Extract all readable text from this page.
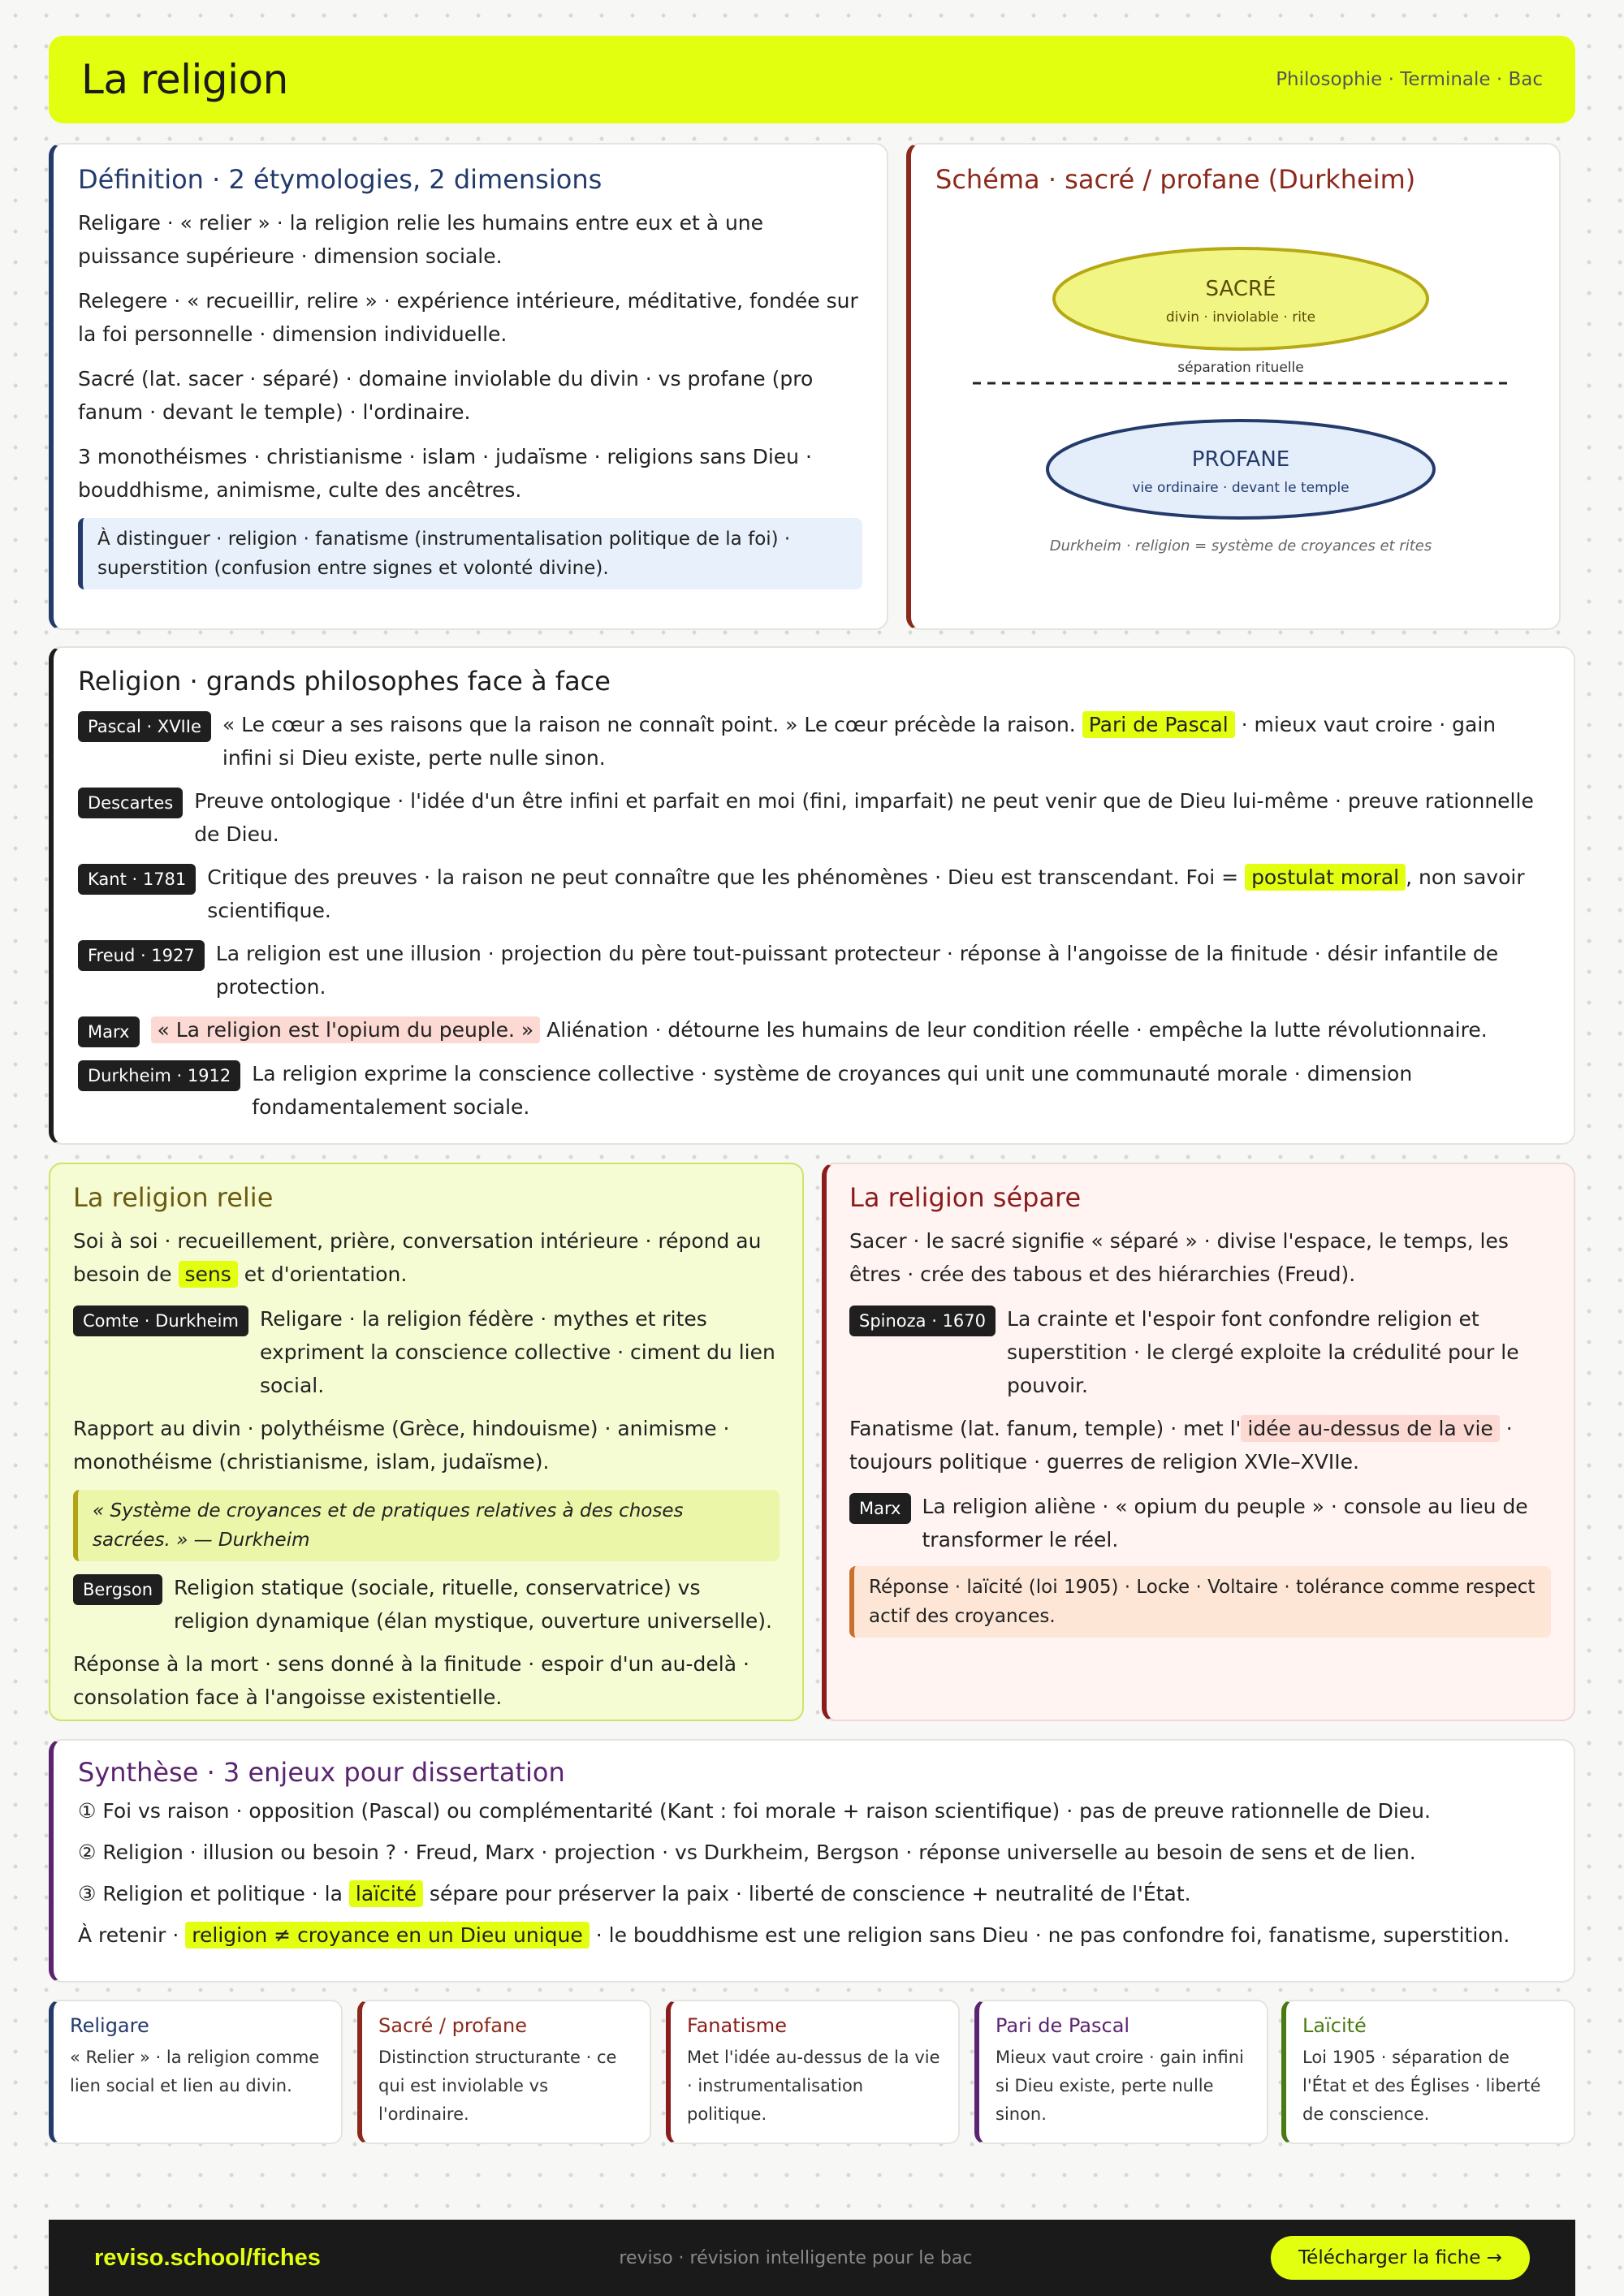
La religion	Philosophie · Terminale · Bac
Définition · 2 étymologies, 2 dimensions

Religare · « relier » · la religion relie les humains entre eux et à une puissance supérieure · dimension sociale.

Relegere · « recueillir, relire » · expérience intérieure, méditative, fondée sur la foi personnelle · dimension individuelle.

Sacré (lat. sacer · séparé) · domaine inviolable du divin · vs profane (pro fanum · devant le temple) · l'ordinaire.

3 monothéismes · christianisme · islam · judaïsme · religions sans Dieu · bouddhisme, animisme, culte des ancêtres.

À distinguer · religion · fanatisme (instrumentalisation politique de la foi) · superstition (confusion entre signes et volonté divine).
Schéma · sacré / profane (Durkheim)
SACRÉ
divin · inviolable · rite
séparation rituelle
PROFANE
vie ordinaire · devant le temple
Durkheim · religion = système de croyances et rites
Religion · grands philosophes face à face
Pascal · XVIIe	« Le cœur a ses raisons que la raison ne connaît point. » Le cœur précède la raison. Pari de Pascal · mieux vaut croire · gain infini si Dieu existe, perte nulle sinon.
Descartes	Preuve ontologique · l'idée d'un être infini et parfait en moi (fini, imparfait) ne peut venir que de Dieu lui-même · preuve rationnelle de Dieu.
Kant · 1781	Critique des preuves · la raison ne peut connaître que les phénomènes · Dieu est transcendant. Foi = postulat moral , non savoir scientifique.
Freud · 1927	La religion est une illusion · projection du père tout-puissant protecteur · réponse à l'angoisse de la finitude · désir infantile de protection.
Marx	« La religion est l'opium du peuple. » Aliénation · détourne les humains de leur condition réelle · empêche la lutte révolutionnaire.
Durkheim · 1912	La religion exprime la conscience collective · système de croyances qui unit une communauté morale · dimension fondamentalement sociale.
La religion relie

Soi à soi · recueillement, prière, conversation intérieure · répond au besoin de sens et d'orientation.

Comte · Durkheim	Religare · la religion fédère · mythes et rites expriment la conscience collective · ciment du lien social.

Rapport au divin · polythéisme (Grèce, hindouisme) · animisme · monothéisme (christianisme, islam, judaïsme).

« Système de croyances et de pratiques relatives à des choses sacrées. » — Durkheim
Bergson	Religion statique (sociale, rituelle, conservatrice) vs religion dynamique (élan mystique, ouverture universelle).

Réponse à la mort · sens donné à la finitude · espoir d'un au-delà · consolation face à l'angoisse existentielle.

La religion sépare

Sacer · le sacré signifie « séparé » · divise l'espace, le temps, les êtres · crée des tabous et des hiérarchies (Freud).

Spinoza · 1670	La crainte et l'espoir font confondre religion et superstition · le clergé exploite la crédulité pour le pouvoir.

Fanatisme (lat. fanum, temple) · met l' idée au-dessus de la vie · toujours politique · guerres de religion XVIe–XVIIe.

Marx	La religion aliène · « opium du peuple » · console au lieu de transformer le réel.
Réponse · laïcité (loi 1905) · Locke · Voltaire · tolérance comme respect actif des croyances.
Synthèse · 3 enjeux pour dissertation

① Foi vs raison · opposition (Pascal) ou complémentarité (Kant : foi morale + raison scientifique) · pas de preuve rationnelle de Dieu.

② Religion · illusion ou besoin ? · Freud, Marx · projection · vs Durkheim, Bergson · réponse universelle au besoin de sens et de lien.

③ Religion et politique · la laïcité sépare pour préserver la paix · liberté de conscience + neutralité de l'État.

À retenir · religion ≠ croyance en un Dieu unique · le bouddhisme est une religion sans Dieu · ne pas confondre foi, fanatisme, superstition.

Religare

« Relier » · la religion comme lien social et lien au divin.

Sacré / profane

Distinction structurante · ce qui est inviolable vs l'ordinaire.

Fanatisme

Met l'idée au-dessus de la vie · instrumentalisation politique.

Pari de Pascal

Mieux vaut croire · gain infini si Dieu existe, perte nulle sinon.

Laïcité

Loi 1905 · séparation de l'État et des Églises · liberté de conscience.

reviso.school/fiches	reviso · révision intelligente pour le bac	Télécharger la fiche →
